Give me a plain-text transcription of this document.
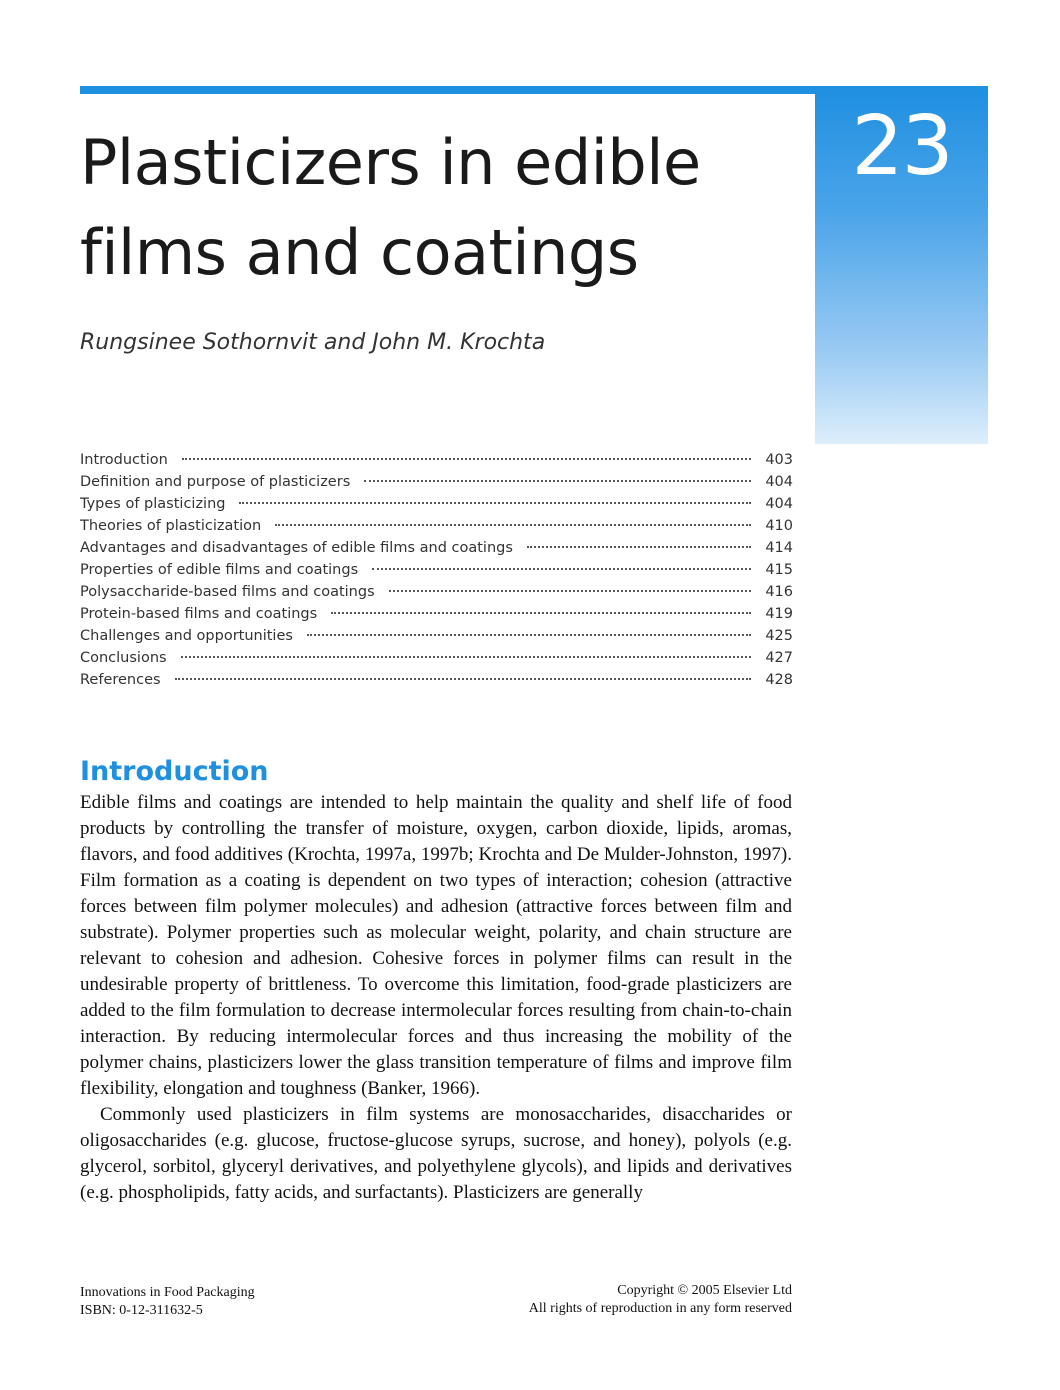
23
Plasticizers in edible films and coatings

Rungsinee Sothornvit and John M. Krochta

Introduction	403
Definition and purpose of plasticizers	404
Types of plasticizing	404
Theories of plasticization	410
Advantages and disadvantages of edible films and coatings	414
Properties of edible films and coatings	415
Polysaccharide-based films and coatings	416
Protein-based films and coatings	419
Challenges and opportunities	425
Conclusions	427
References	428
Introduction

Edible films and coatings are intended to help maintain the quality and shelf life of food products by controlling the transfer of moisture, oxygen, carbon dioxide, lipids, aromas, flavors, and food additives (Krochta, 1997a, 1997b; Krochta and De Mulder-Johnston, 1997). Film formation as a coating is dependent on two types of interaction; cohesion (attractive forces between film polymer molecules) and adhesion (attractive forces between film and substrate). Polymer properties such as molecular weight, polarity, and chain structure are relevant to cohesion and adhesion. Cohesive forces in polymer films can result in the undesirable property of brittleness. To overcome this limitation, food-grade plasticizers are added to the film formulation to decrease intermolecular forces resulting from chain-to-chain interaction. By reducing intermolecular forces and thus increasing the mobility of the polymer chains, plasticizers lower the glass transition temperature of films and improve film flexibility, elongation and toughness (Banker, 1966).

Commonly used plasticizers in film systems are monosaccharides, disaccharides or oligosaccharides (e.g. glucose, fructose-glucose syrups, sucrose, and honey), polyols (e.g. glycerol, sorbitol, glyceryl derivatives, and polyethylene glycols), and lipids and derivatives (e.g. phospholipids, fatty acids, and surfactants). Plasticizers are generally

Innovations in Food Packaging
ISBN: 0-12-311632-5
Copyright © 2005 Elsevier Ltd
All rights of reproduction in any form reserved
